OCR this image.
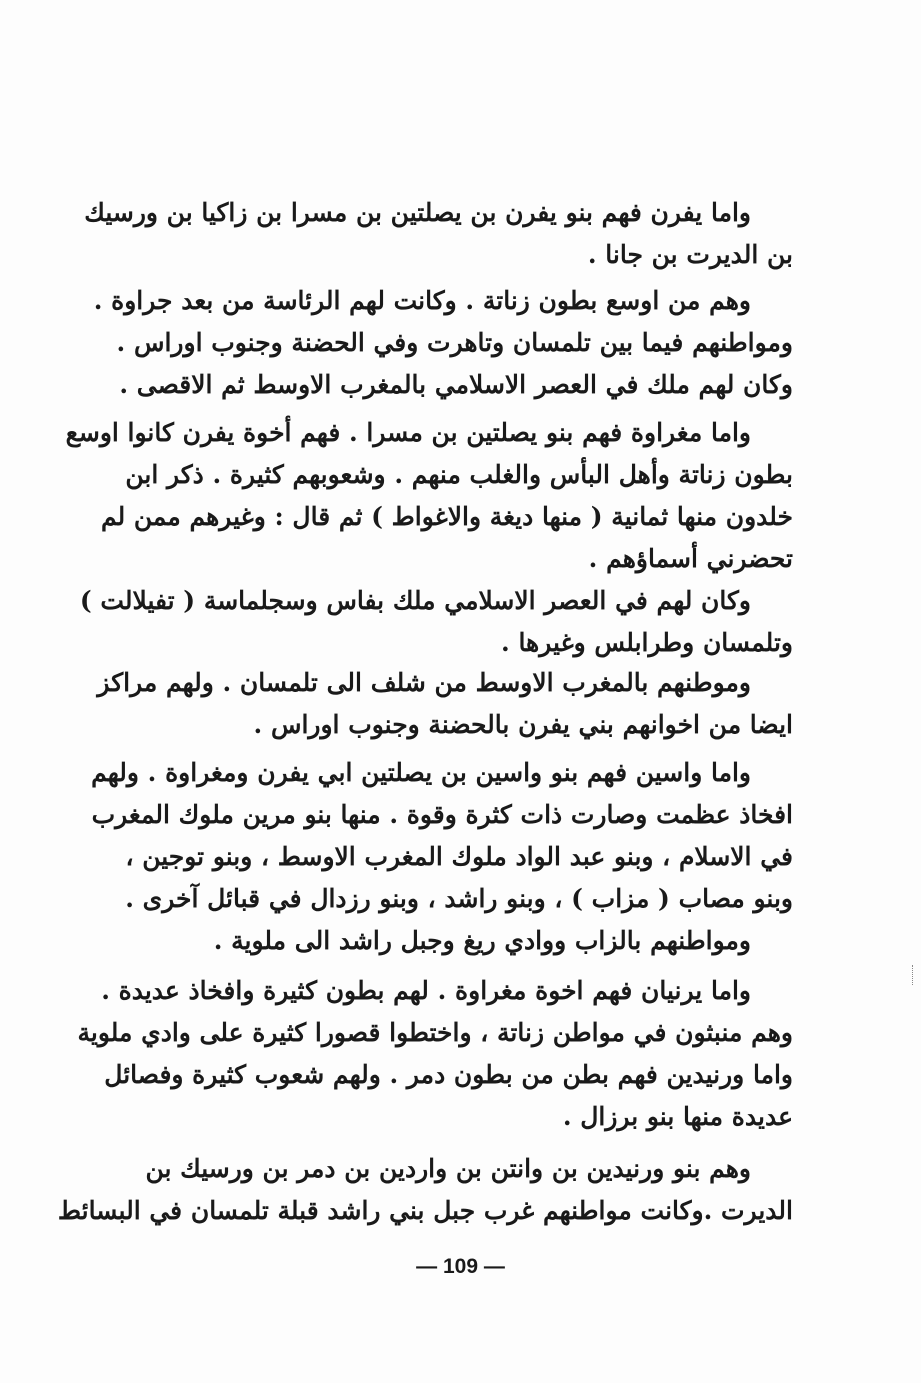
واما يفرن فهم بنو يفرن بن يصلتين بن مسرا بن زاكيا بن ورسيك
بن الديرت بن جانا .
وهم من اوسع بطون زناتة . وكانت لهم الرئاسة من بعد جراوة .
ومواطنهم فيما بين تلمسان وتاهرت وفي الحضنة وجنوب اوراس .
وكان لهم ملك في العصر الاسلامي بالمغرب الاوسط ثم الاقصى .
واما مغراوة فهم بنو يصلتين بن مسرا . فهم أخوة يفرن كانوا اوسع
بطون زناتة وأهل البأس والغلب منهم . وشعوبهم كثيرة . ذكر ابن
خلدون منها ثمانية ( منها ديغة والاغواط ) ثم قال : وغيرهم ممن لم
تحضرني أسماؤهم .
وكان لهم في العصر الاسلامي ملك بفاس وسجلماسة ( تفيلالت )
وتلمسان وطرابلس وغيرها .
وموطنهم بالمغرب الاوسط من شلف الى تلمسان . ولهم مراكز
ايضا من اخوانهم بني يفرن بالحضنة وجنوب اوراس .
واما واسين فهم بنو واسين بن يصلتين ابي يفرن ومغراوة . ولهم
افخاذ عظمت وصارت ذات كثرة وقوة . منها بنو مرين ملوك المغرب
في الاسلام ، وبنو عبد الواد ملوك المغرب الاوسط ، وبنو توجين ،
وبنو مصاب ( مزاب ) ، وبنو راشد ، وبنو رزدال في قبائل آخرى .
ومواطنهم بالزاب ووادي ريغ وجبل راشد الى ملوية .
واما يرنيان فهم اخوة مغراوة . لهم بطون كثيرة وافخاذ عديدة .
وهم منبثون في مواطن زناتة ، واختطوا قصورا كثيرة على وادي ملوية
واما ورنيدين فهم بطن من بطون دمر . ولهم شعوب كثيرة وفصائل
عديدة منها بنو برزال .
وهم بنو ورنيدين بن وانتن بن واردين بن دمر بن ورسيك بن
الديرت .وكانت مواطنهم غرب جبل بني راشد قبلة تلمسان في البسائط
— 109 —
